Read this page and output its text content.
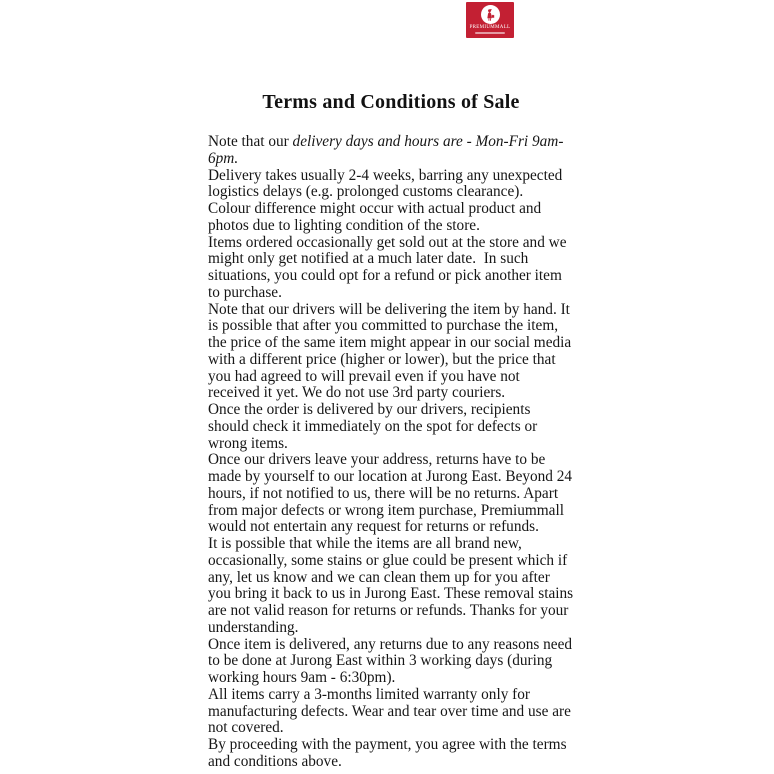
PREMIUMMALL
Terms and Conditions of Sale

Note that our delivery days and hours are - Mon-Fri 9am-6pm.

Delivery takes usually 2-4 weeks, barring any unexpected logistics delays (e.g. prolonged customs clearance).

Colour difference might occur with actual product and photos due to lighting condition of the store.

Items ordered occasionally get sold out at the store and we might only get notified at a much later date.  In such situations, you could opt for a refund or pick another item to purchase.

Note that our drivers will be delivering the item by hand. It is possible that after you committed to purchase the item, the price of the same item might appear in our social media with a different price (higher or lower), but the price that you had agreed to will prevail even if you have not received it yet. We do not use 3rd party couriers.

Once the order is delivered by our drivers, recipients should check it immediately on the spot for defects or wrong items.

Once our drivers leave your address, returns have to be made by yourself to our location at Jurong East. Beyond 24 hours, if not notified to us, there will be no returns. Apart from major defects or wrong item purchase, Premiummall would not entertain any request for returns or refunds.

It is possible that while the items are all brand new, occasionally, some stains or glue could be present which if any, let us know and we can clean them up for you after you bring it back to us in Jurong East. These removal stains are not valid reason for returns or refunds. Thanks for your understanding.

Once item is delivered, any returns due to any reasons need to be done at Jurong East within 3 working days (during working hours 9am - 6:30pm).

All items carry a 3-months limited warranty only for manufacturing defects. Wear and tear over time and use are not covered.

By proceeding with the payment, you agree with the terms and conditions above.
